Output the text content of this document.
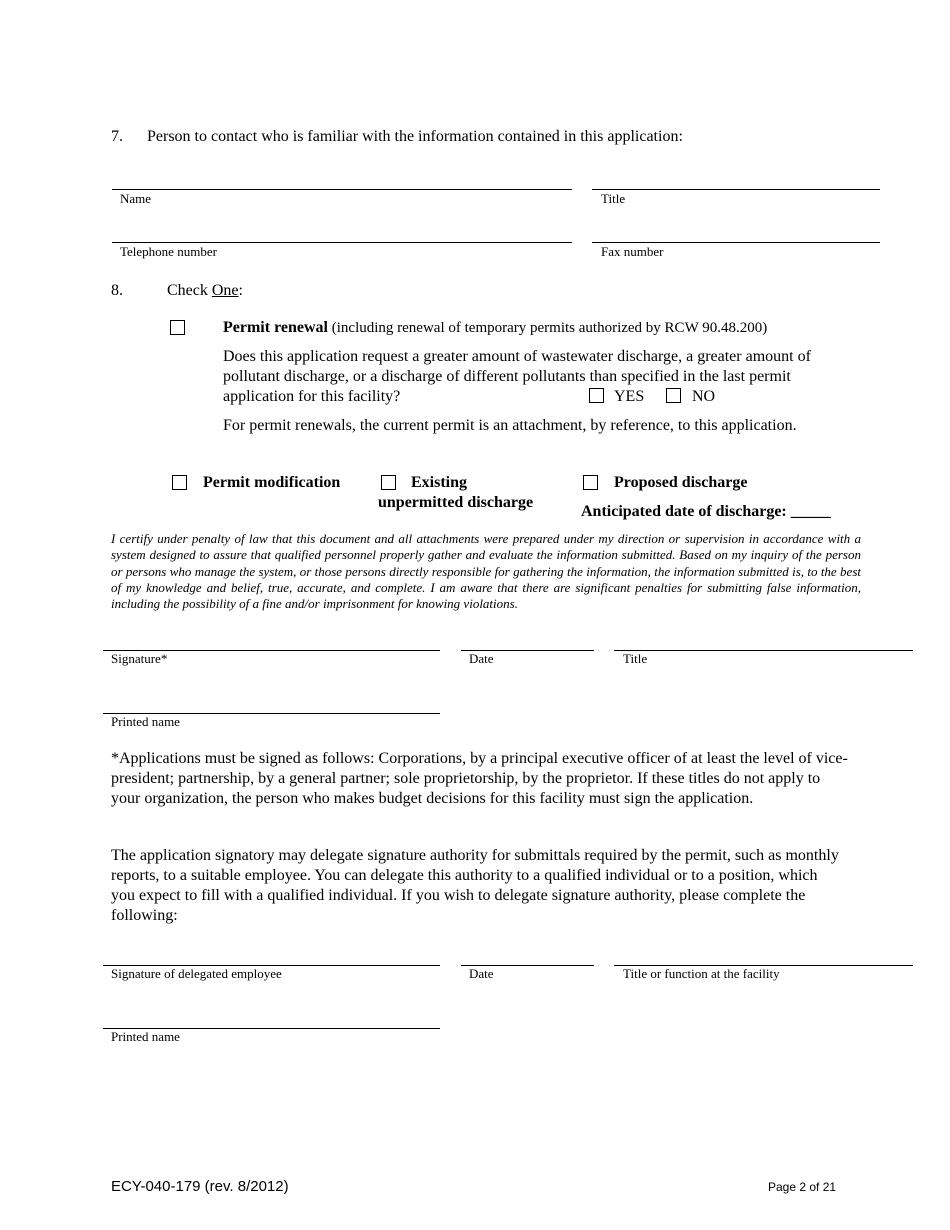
7. Person to contact who is familiar with the information contained in this application:
Name	Title
Telephone number	Fax number
8.	Check One:
Permit renewal (including renewal of temporary permits authorized by RCW 90.48.200)
Does this application request a greater amount of wastewater discharge, a greater amount of pollutant discharge, or a discharge of different pollutants than specified in the last permit application for this facility?	YES	NO
For permit renewals, the current permit is an attachment, by reference, to this application.
Permit modification	Existing
unpermitted discharge
Proposed discharge
Anticipated date of discharge: _____
I certify under penalty of law that this document and all attachments were prepared under my direction or supervision in accordance with a system designed to assure that qualified personnel properly gather and evaluate the information submitted. Based on my inquiry of the person or persons who manage the system, or those persons directly responsible for gathering the information, the information submitted is, to the best of my knowledge and belief, true, accurate, and complete. I am aware that there are significant penalties for submitting false information, including the possibility of a fine and/or imprisonment for knowing violations.
Signature*	Date	Title
Printed name
*Applications must be signed as follows: Corporations, by a principal executive officer of at least the level of vice-president; partnership, by a general partner; sole proprietorship, by the proprietor. If these titles do not apply to your organization, the person who makes budget decisions for this facility must sign the application.
The application signatory may delegate signature authority for submittals required by the permit, such as monthly reports, to a suitable employee. You can delegate this authority to a qualified individual or to a position, which you expect to fill with a qualified individual. If you wish to delegate signature authority, please complete the following:
Signature of delegated employee	Date	Title or function at the facility
Printed name
ECY-040-179 (rev. 8/2012)	Page 2 of 21
